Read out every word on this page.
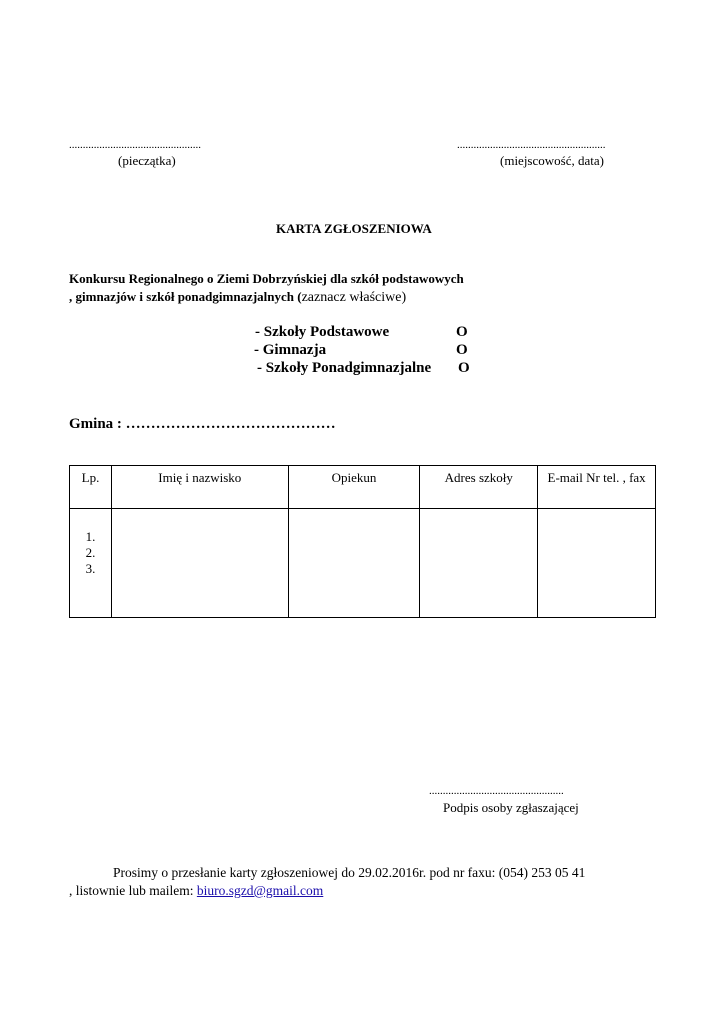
................................................
(pieczątka)
......................................................
(miejscowość, data)
KARTA ZGŁOSZENIOWA
Konkursu Regionalnego o Ziemi Dobrzyńskiej dla szkół podstawowych
, gimnazjów i szkół ponadgimnazjalnych (zaznacz właściwe)
- Szkoły Podstawowe	O
- Gimnazja	O
- Szkoły Ponadgimnazjalne O
Gmina : ……………………………………
Lp.	Imię i nazwisko	Opiekun	Adres szkoły	E-mail Nr tel. , fax

1.
2.
3.				

.................................................
Podpis osoby zgłaszającej
Prosimy o przesłanie karty zgłoszeniowej do 29.02.2016r. pod nr faxu: (054) 253 05 41
, listownie lub mailem: biuro.sgzd@gmail.com
